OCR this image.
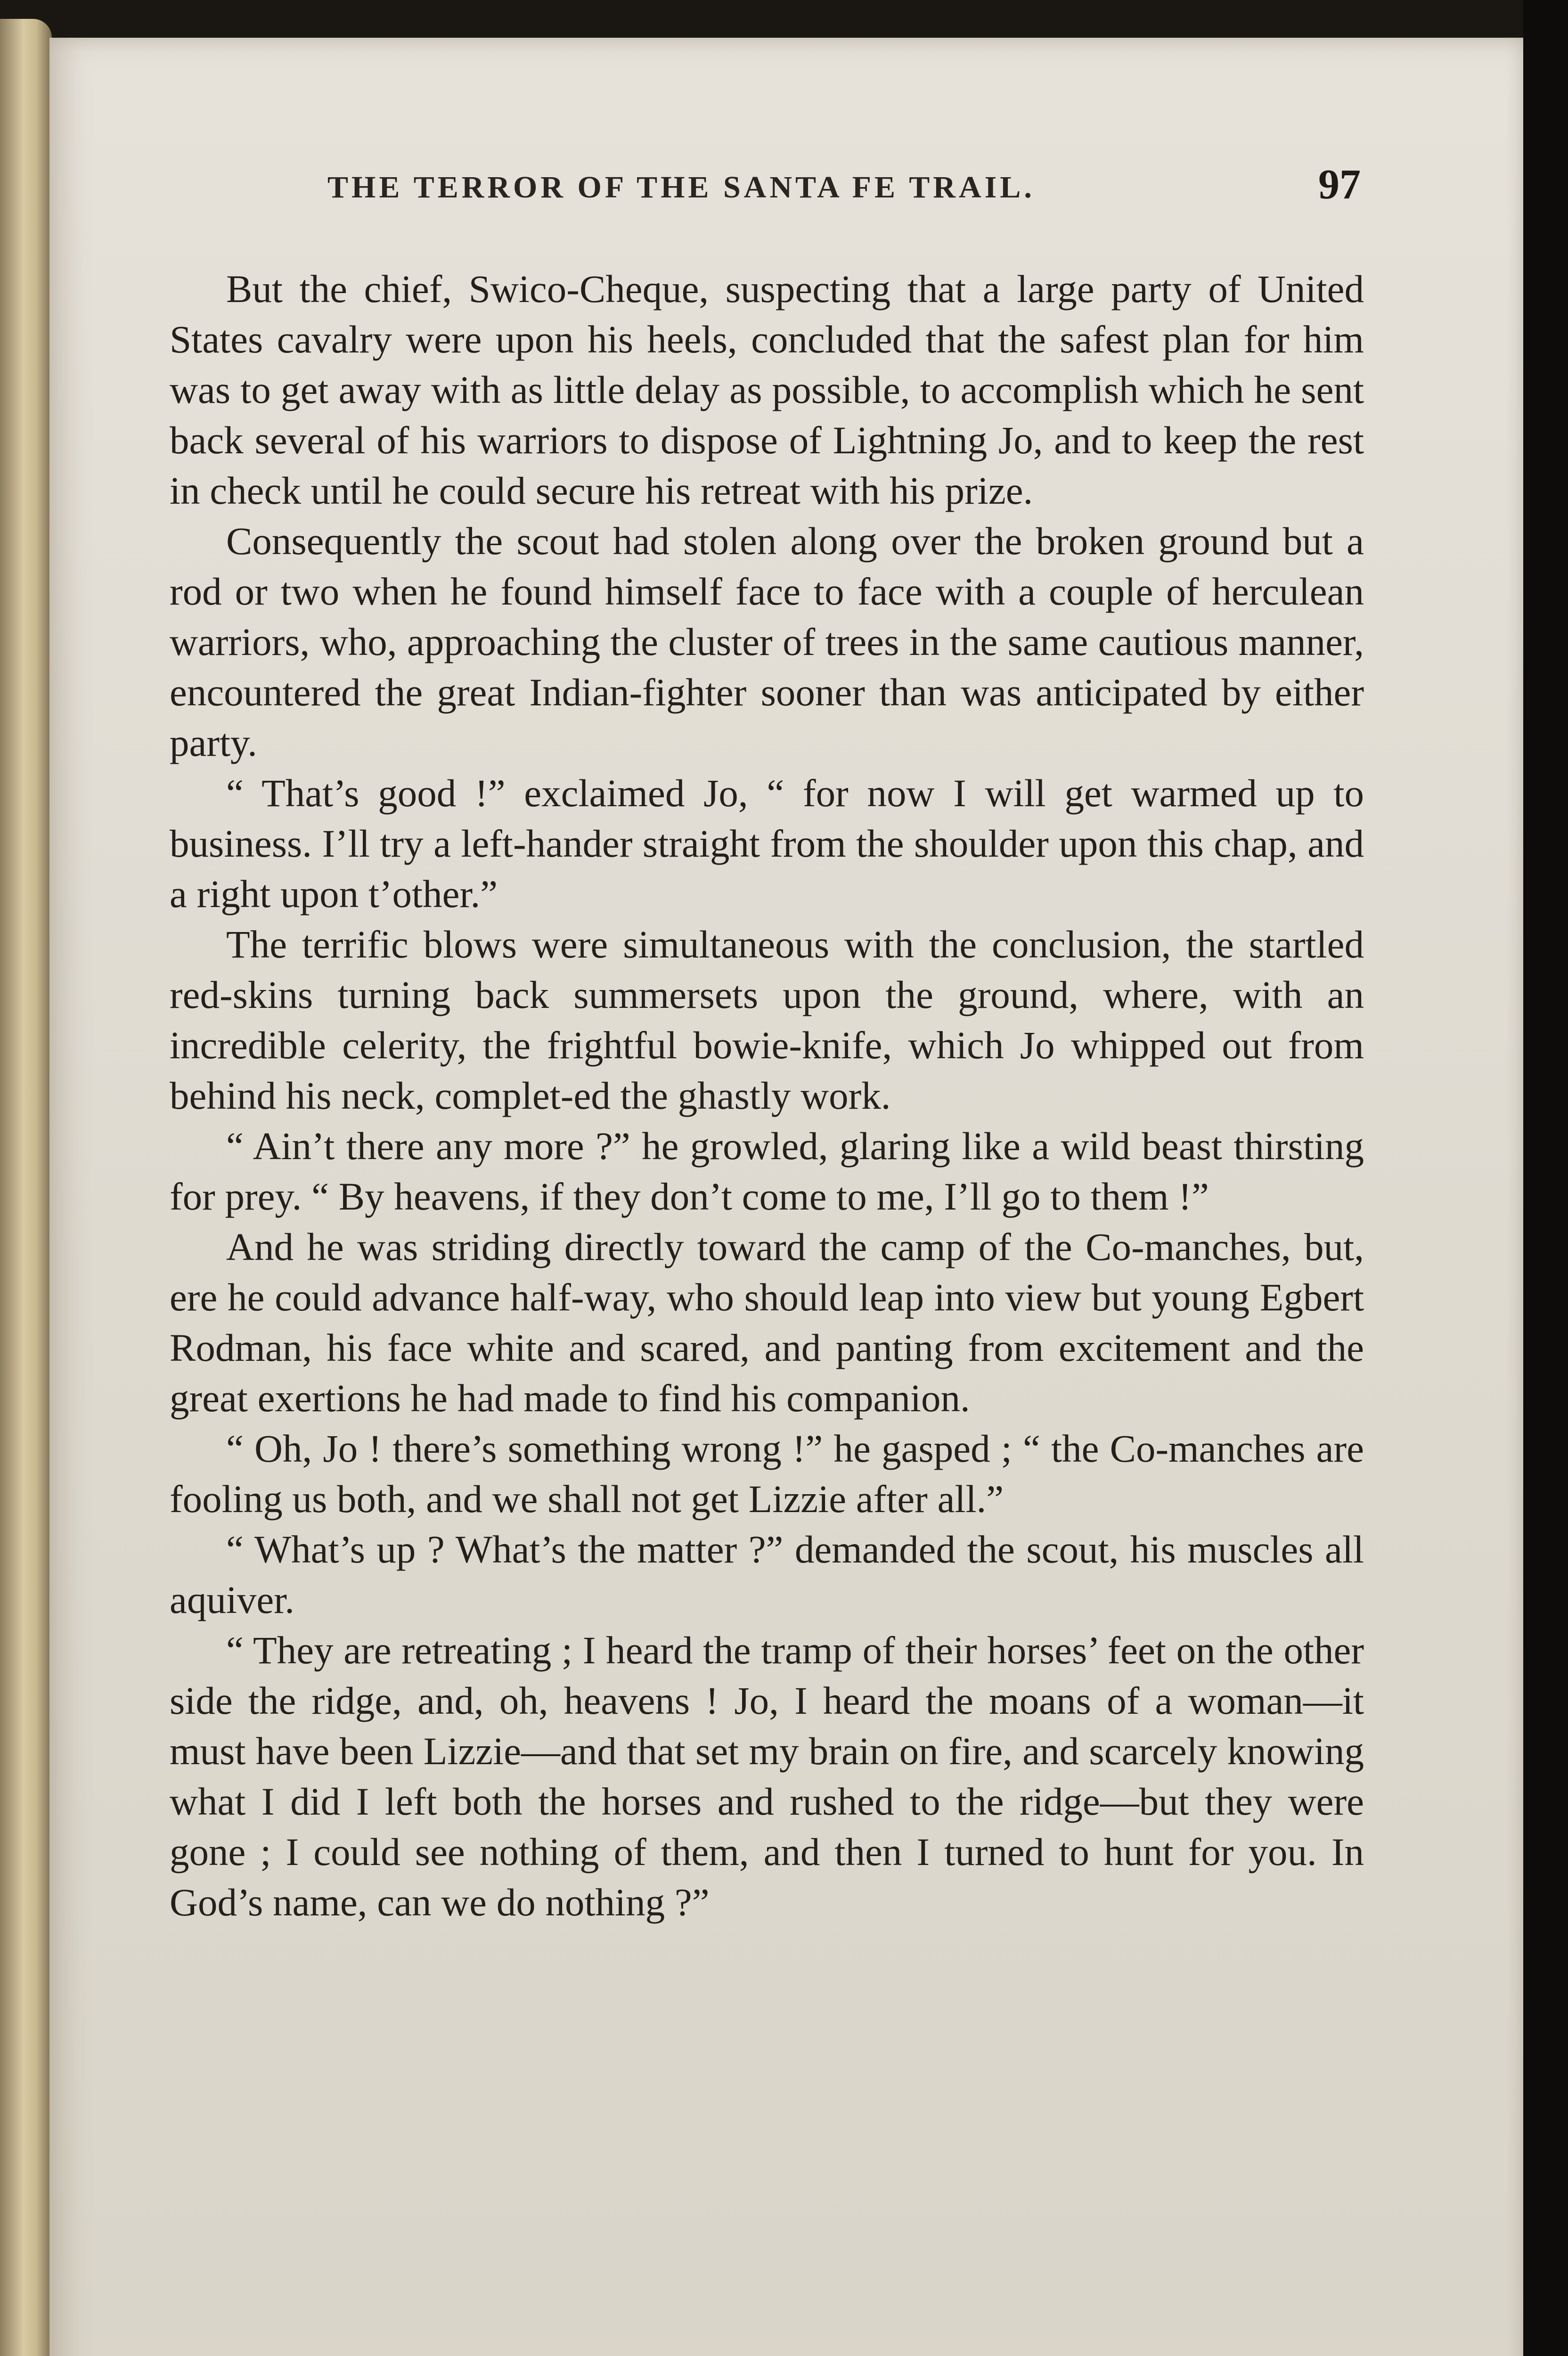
THE TERROR OF THE SANTA FE TRAIL.	97

But the chief, Swico-Cheque, suspecting that a large party of United States cavalry were upon his heels, concluded that the safest plan for him was to get away with as little delay as possible, to accomplish which he sent back several of his warriors to dispose of Lightning Jo, and to keep the rest in check until he could secure his retreat with his prize.

Consequently the scout had stolen along over the broken ground but a rod or two when he found himself face to face with a couple of herculean warriors, who, approaching the cluster of trees in the same cautious manner, encountered the great Indian-fighter sooner than was anticipated by either party.

“ That’s good !” exclaimed Jo, “ for now I will get warmed up to business. I’ll try a left-hander straight from the shoulder upon this chap, and a right upon t’other.”

The terrific blows were simultaneous with the conclusion, the startled red-skins turning back summersets upon the ground, where, with an incredible celerity, the frightful bowie-knife, which Jo whipped out from behind his neck, complet-ed the ghastly work.

“ Ain’t there any more ?” he growled, glaring like a wild beast thirsting for prey. “ By heavens, if they don’t come to me, I’ll go to them !”

And he was striding directly toward the camp of the Co-manches, but, ere he could advance half-way, who should leap into view but young Egbert Rodman, his face white and scared, and panting from excitement and the great exertions he had made to find his companion.

“ Oh, Jo ! there’s something wrong !” he gasped ; “ the Co-manches are fooling us both, and we shall not get Lizzie after all.”

“ What’s up ? What’s the matter ?” demanded the scout, his muscles all aquiver.

“ They are retreating ; I heard the tramp of their horses’ feet on the other side the ridge, and, oh, heavens ! Jo, I heard the moans of a woman—it must have been Lizzie—and that set my brain on fire, and scarcely knowing what I did I left both the horses and rushed to the ridge—but they were gone ; I could see nothing of them, and then I turned to hunt for you. In God’s name, can we do nothing ?”
